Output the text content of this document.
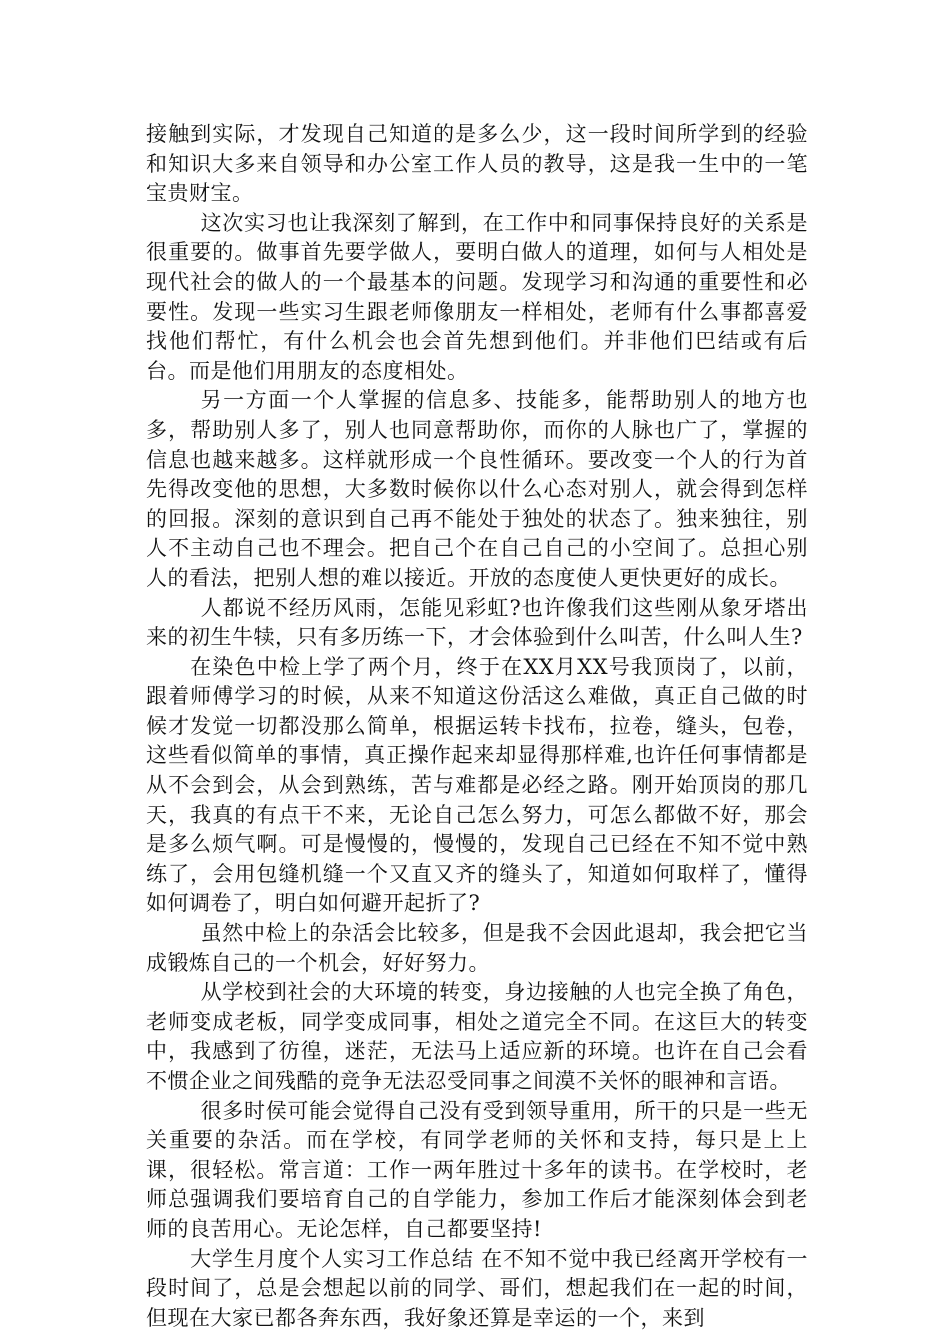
接触到实际，才发现自己知道的是多么少，这一段时间所学到的经验和知识大多来自领导和办公室工作人员的教导，这是我一生中的一笔宝贵财宝。

这次实习也让我深刻了解到，在工作中和同事保持良好的关系是很重要的。做事首先要学做人，要明白做人的道理，如何与人相处是现代社会的做人的一个最基本的问题。发现学习和沟通的重要性和必要性。发现一些实习生跟老师像朋友一样相处，老师有什么事都喜爱找他们帮忙，有什么机会也会首先想到他们。并非他们巴结或有后台。而是他们用朋友的态度相处。

另一方面一个人掌握的信息多、技能多，能帮助别人的地方也多，帮助别人多了，别人也同意帮助你，而你的人脉也广了，掌握的信息也越来越多。这样就形成一个良性循环。要改变一个人的行为首先得改变他的思想，大多数时候你以什么心态对别人，就会得到怎样的回报。深刻的意识到自己再不能处于独处的状态了。独来独往，别人不主动自己也不理会。把自己个在自己自己的小空间了。总担心别人的看法，把别人想的难以接近。开放的态度使人更快更好的成长。

人都说不经历风雨，怎能见彩虹?也许像我们这些刚从象牙塔出来的初生牛犊，只有多历练一下，才会体验到什么叫苦，什么叫人生?

在染色中检上学了两个月，终于在XX月XX号我顶岗了，以前，跟着师傅学习的时候，从来不知道这份活这么难做，真正自己做的时候才发觉一切都没那么简单，根据运转卡找布，拉卷，缝头，包卷，这些看似简单的事情，真正操作起来却显得那样难,也许任何事情都是从不会到会，从会到熟练，苦与难都是必经之路。刚开始顶岗的那几天，我真的有点干不来，无论自己怎么努力，可怎么都做不好，那会是多么烦气啊。可是慢慢的，慢慢的，发现自己已经在不知不觉中熟练了，会用包缝机缝一个又直又齐的缝头了，知道如何取样了，懂得如何调卷了，明白如何避开起折了?

虽然中检上的杂活会比较多，但是我不会因此退却，我会把它当成锻炼自己的一个机会，好好努力。

从学校到社会的大环境的转变，身边接触的人也完全换了角色，老师变成老板，同学变成同事，相处之道完全不同。在这巨大的转变中，我感到了彷徨，迷茫，无法马上适应新的环境。也许在自己会看不惯企业之间残酷的竞争无法忍受同事之间漠不关怀的眼神和言语。

很多时侯可能会觉得自己没有受到领导重用，所干的只是一些无关重要的杂活。而在学校，有同学老师的关怀和支持，每只是上上课，很轻松。常言道：工作一两年胜过十多年的读书。在学校时，老师总强调我们要培育自己的自学能力，参加工作后才能深刻体会到老师的良苦用心。无论怎样，自己都要坚持!

大学生月度个人实习工作总结 在不知不觉中我已经离开学校有一段时间了，总是会想起以前的同学、哥们，想起我们在一起的时间，但现在大家已都各奔东西，我好象还算是幸运的一个，来到
